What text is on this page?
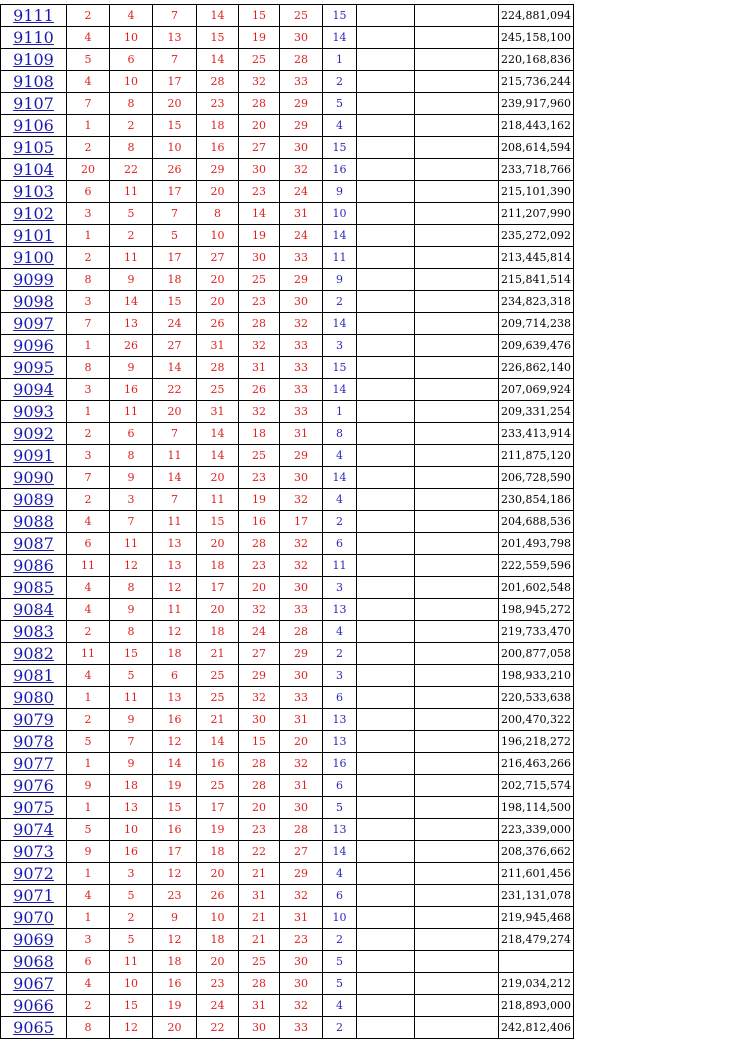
9111	2	4	7	14	15	25	15			224,881,094	
9110	4	10	13	15	19	30	14			245,158,100	
9109	5	6	7	14	25	28	1			220,168,836	
9108	4	10	17	28	32	33	2			215,736,244	
9107	7	8	20	23	28	29	5			239,917,960	
9106	1	2	15	18	20	29	4			218,443,162	
9105	2	8	10	16	27	30	15			208,614,594	
9104	20	22	26	29	30	32	16			233,718,766	
9103	6	11	17	20	23	24	9			215,101,390	
9102	3	5	7	8	14	31	10			211,207,990	
9101	1	2	5	10	19	24	14			235,272,092	
9100	2	11	17	27	30	33	11			213,445,814	
9099	8	9	18	20	25	29	9			215,841,514	
9098	3	14	15	20	23	30	2			234,823,318	
9097	7	13	24	26	28	32	14			209,714,238	
9096	1	26	27	31	32	33	3			209,639,476	
9095	8	9	14	28	31	33	15			226,862,140	
9094	3	16	22	25	26	33	14			207,069,924	
9093	1	11	20	31	32	33	1			209,331,254	
9092	2	6	7	14	18	31	8			233,413,914	
9091	3	8	11	14	25	29	4			211,875,120	
9090	7	9	14	20	23	30	14			206,728,590	
9089	2	3	7	11	19	32	4			230,854,186	
9088	4	7	11	15	16	17	2			204,688,536	
9087	6	11	13	20	28	32	6			201,493,798	
9086	11	12	13	18	23	32	11			222,559,596	
9085	4	8	12	17	20	30	3			201,602,548	
9084	4	9	11	20	32	33	13			198,945,272	
9083	2	8	12	18	24	28	4			219,733,470	
9082	11	15	18	21	27	29	2			200,877,058	
9081	4	5	6	25	29	30	3			198,933,210	
9080	1	11	13	25	32	33	6			220,533,638	
9079	2	9	16	21	30	31	13			200,470,322	
9078	5	7	12	14	15	20	13			196,218,272	
9077	1	9	14	16	28	32	16			216,463,266	
9076	9	18	19	25	28	31	6			202,715,574	
9075	1	13	15	17	20	30	5			198,114,500	
9074	5	10	16	19	23	28	13			223,339,000	
9073	9	16	17	18	22	27	14			208,376,662	
9072	1	3	12	20	21	29	4			211,601,456	
9071	4	5	23	26	31	32	6			231,131,078	
9070	1	2	9	10	21	31	10			219,945,468	
9069	3	5	12	18	21	23	2			218,479,274	
9068	6	11	18	20	25	30	5				
9067	4	10	16	23	28	30	5			219,034,212	
9066	2	15	19	24	31	32	4			218,893,000	
9065	8	12	20	22	30	33	2			242,812,406	
